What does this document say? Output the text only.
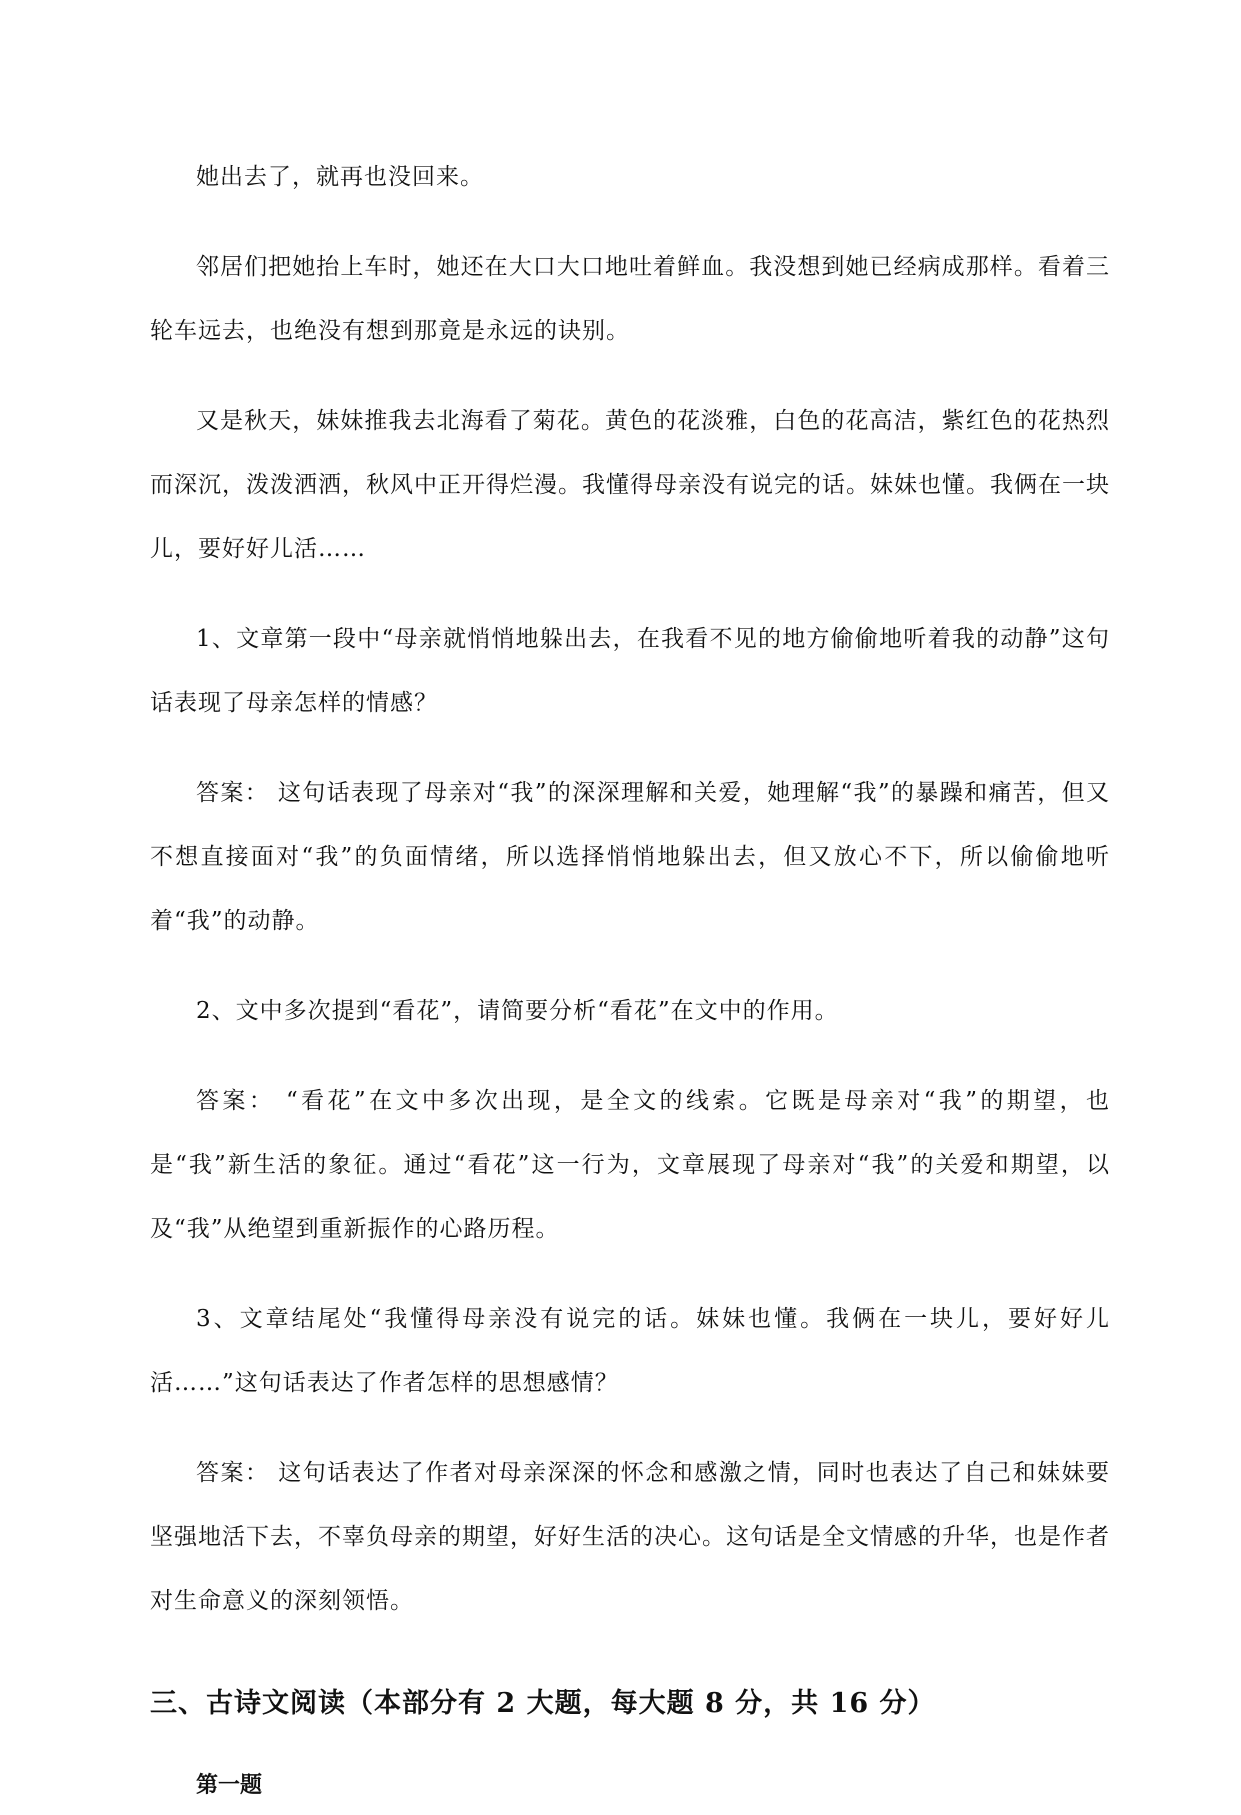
她出去了，就再也没回来。

邻居们把她抬上车时，她还在大口大口地吐着鲜血。我没想到她已经病成那样。看着三轮车远去，也绝没有想到那竟是永远的诀别。

又是秋天，妹妹推我去北海看了菊花。黄色的花淡雅，白色的花高洁，紫红色的花热烈而深沉，泼泼洒洒，秋风中正开得烂漫。我懂得母亲没有说完的话。妹妹也懂。我俩在一块儿，要好好儿活……

1、文章第一段中“母亲就悄悄地躲出去，在我看不见的地方偷偷地听着我的动静”这句话表现了母亲怎样的情感？

答案： 这句话表现了母亲对“我”的深深理解和关爱，她理解“我”的暴躁和痛苦，但又不想直接面对“我”的负面情绪，所以选择悄悄地躲出去，但又放心不下，所以偷偷地听着“我”的动静。

2、文中多次提到“看花”，请简要分析“看花”在文中的作用。

答案： “看花”在文中多次出现，是全文的线索。它既是母亲对“我”的期望，也是“我”新生活的象征。通过“看花”这一行为，文章展现了母亲对“我”的关爱和期望，以及“我”从绝望到重新振作的心路历程。

3、文章结尾处“我懂得母亲没有说完的话。妹妹也懂。我俩在一块儿，要好好儿活……”这句话表达了作者怎样的思想感情？

答案： 这句话表达了作者对母亲深深的怀念和感激之情，同时也表达了自己和妹妹要坚强地活下去，不辜负母亲的期望，好好生活的决心。这句话是全文情感的升华，也是作者对生命意义的深刻领悟。

三、古诗文阅读（本部分有 2 大题，每大题 8 分，共 16 分）
第一题
